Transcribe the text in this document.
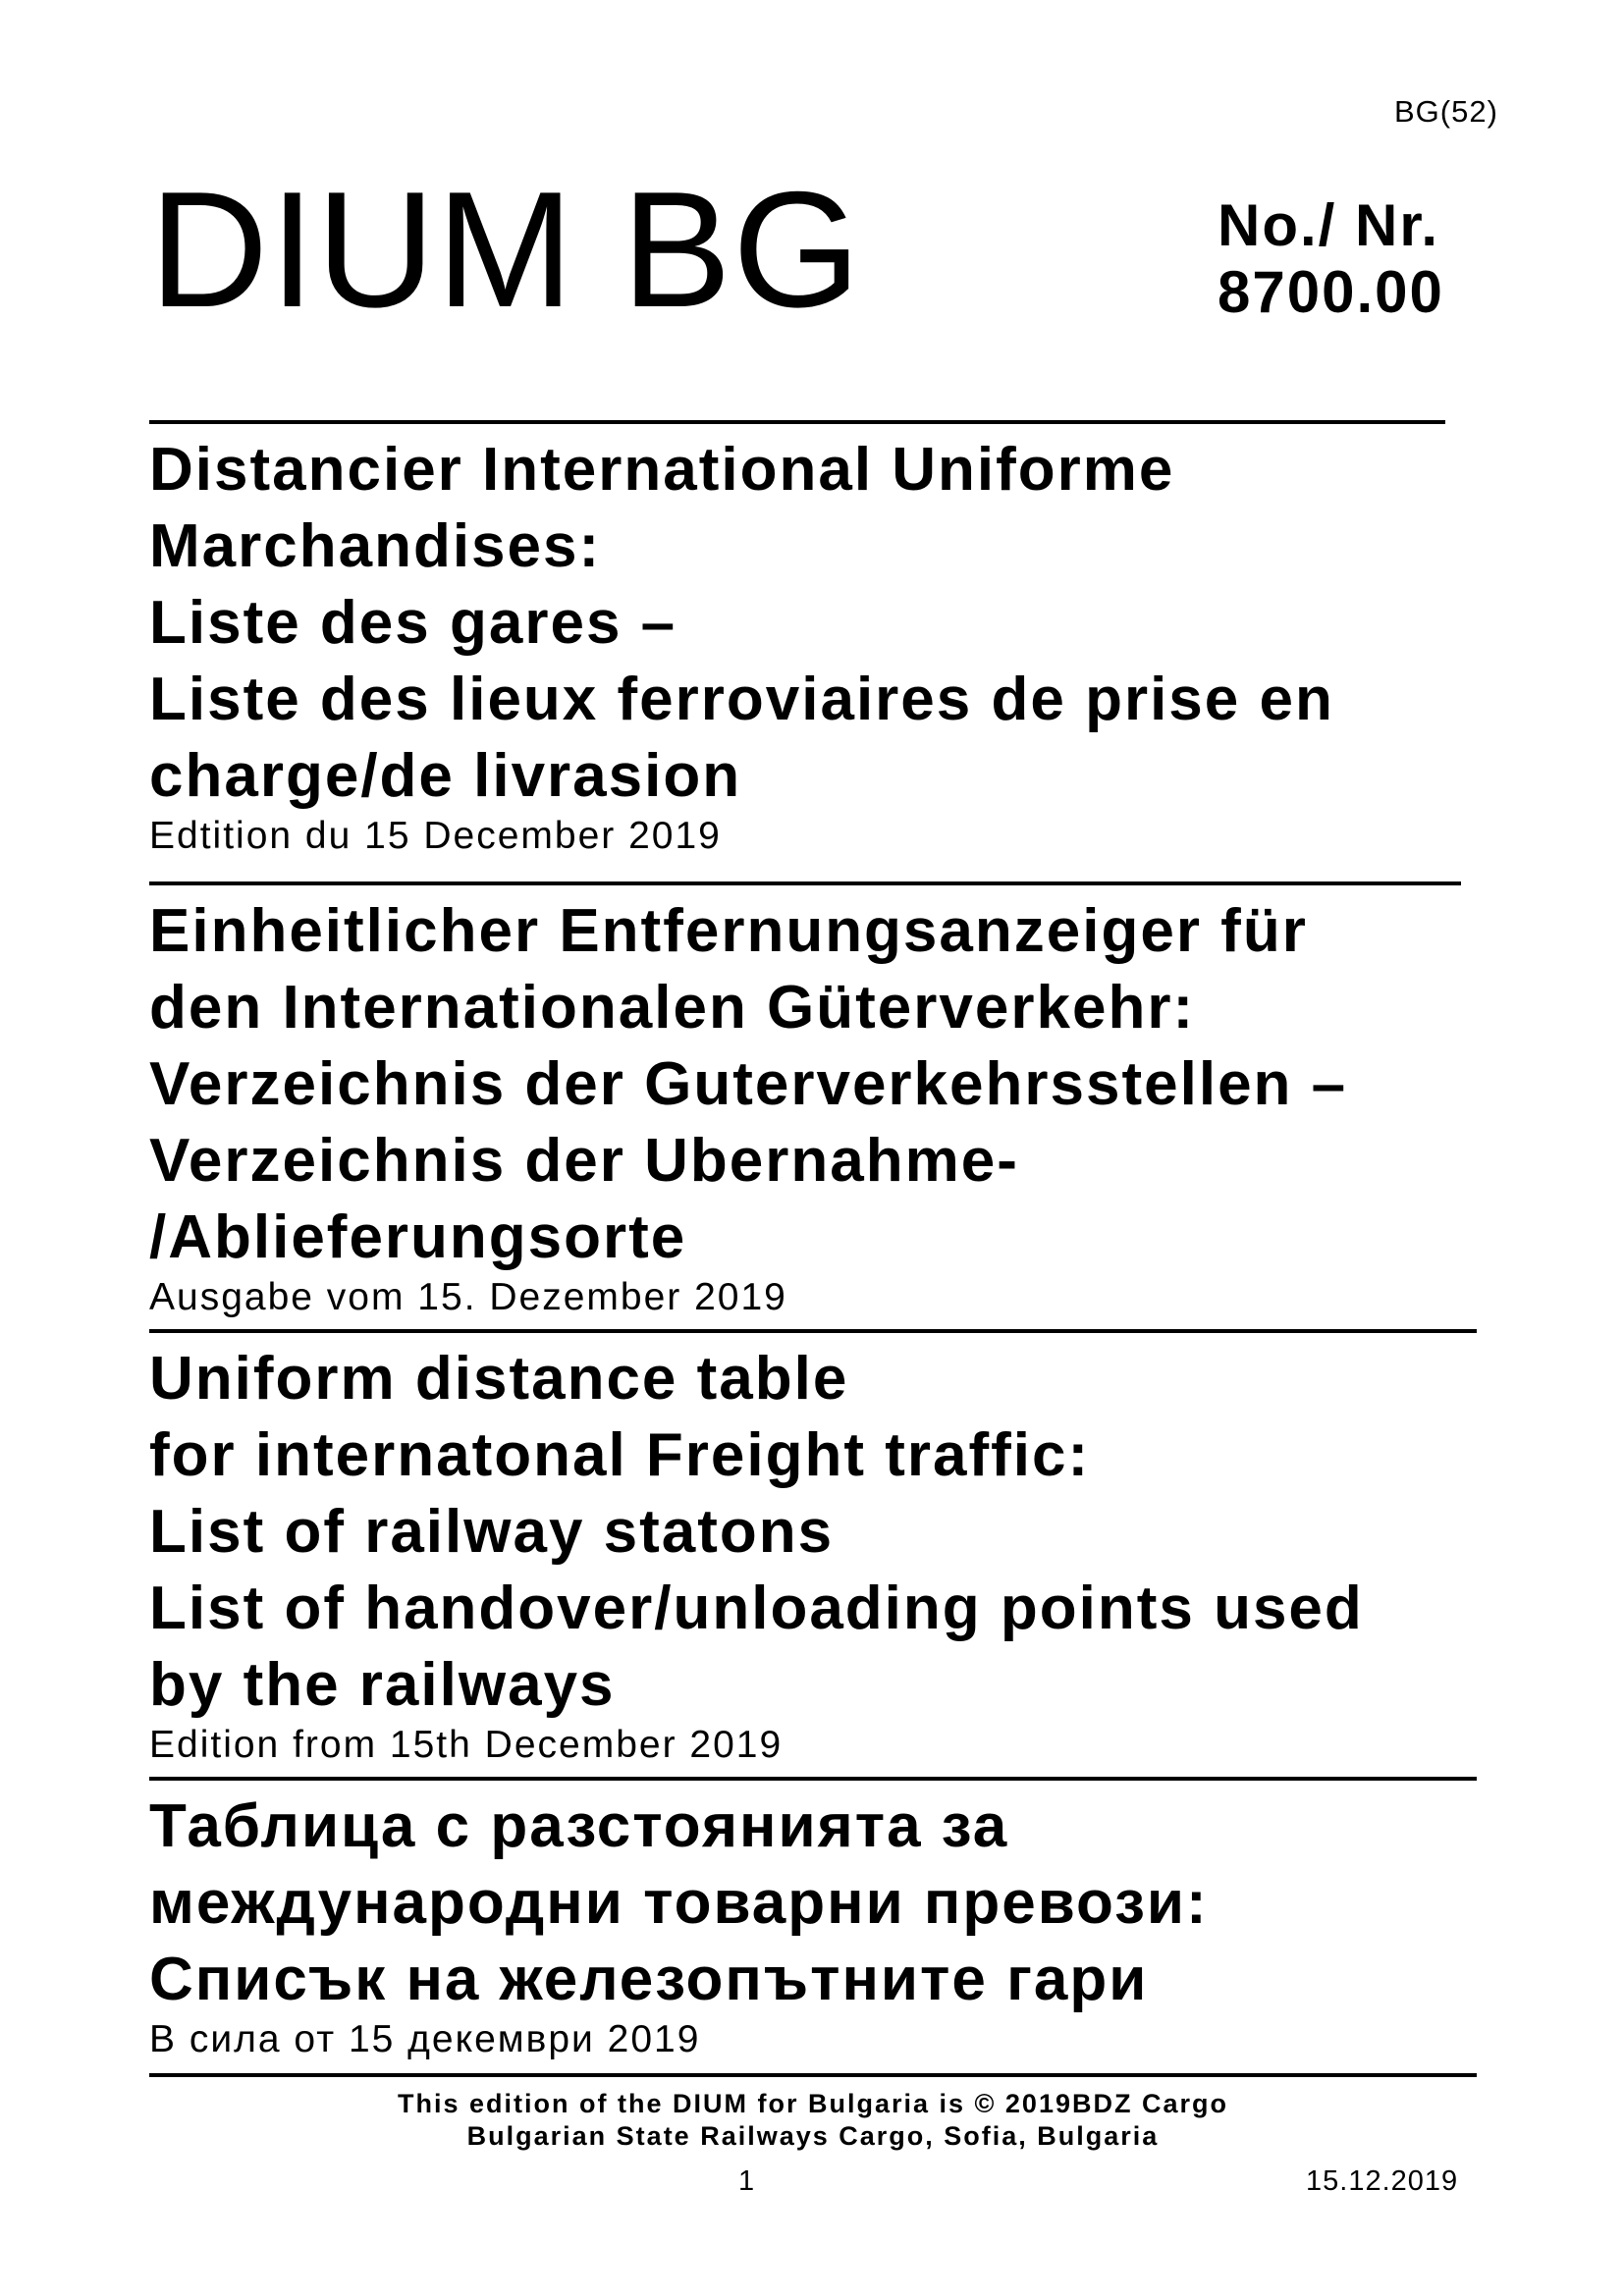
BG(52)
DIUM BG	No./ Nr.
8700.00
Distancier International Uniforme
Marchandises:
Liste des gares –
Liste des lieux ferroviaires de prise en
charge/de livrasion
Edtition du 15 December 2019
Einheitlicher Entfernungsanzeiger für
den Internationalen Güterverkehr:
Verzeichnis der Guterverkehrsstellen –
Verzeichnis der Ubernahme-
/Ablieferungsorte
Ausgabe vom 15. Dezember 2019
Uniform distance table
for internatonal Freight traffic:
List of railway statons
List of handover/unloading points used
by the railways
Edition from 15th December 2019
Таблица с разстоянията за
международни товарни превози:
Списък на железопътните гари
В сила от 15 декември 2019
This edition of the DIUM for Bulgaria is © 2019BDZ Cargo
Bulgarian State Railways Cargo, Sofia, Bulgaria
1	15.12.2019
